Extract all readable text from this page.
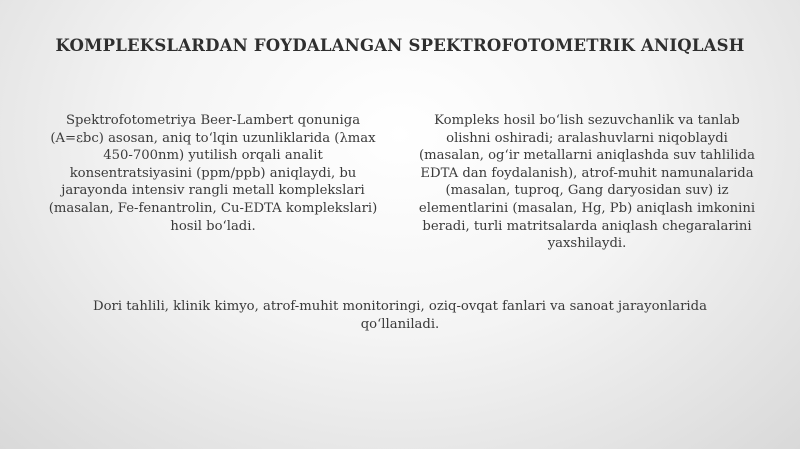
KOMPLEKSLARDAN FOYDALANGAN SPEKTROFOTOMETRIK ANIQLASH
Spektrofotometriya Beer-Lambert qonuniga (A=εbc) asosan, aniq toʻlqin uzunliklarida (λmax 450-700nm) yutilish orqali analit konsentratsiyasini (ppm/ppb) aniqlaydi, bu jarayonda intensiv rangli metall komplekslari (masalan, Fe-fenantrolin, Cu-EDTA komplekslari) hosil boʻladi.
Kompleks hosil boʻlish sezuvchanlik va tanlab olishni oshiradi; aralashuvlarni niqoblaydi (masalan, ogʻir metallarni aniqlashda suv tahlilida EDTA dan foydalanish), atrof-muhit namunalarida (masalan, tuproq, Gang daryosidan suv) iz elementlarini (masalan, Hg, Pb) aniqlash imkonini beradi, turli matritsalarda aniqlash chegaralarini yaxshilaydi.
Dori tahlili, klinik kimyo, atrof-muhit monitoringi, oziq-ovqat fanlari va sanoat jarayonlarida qoʻllaniladi.
